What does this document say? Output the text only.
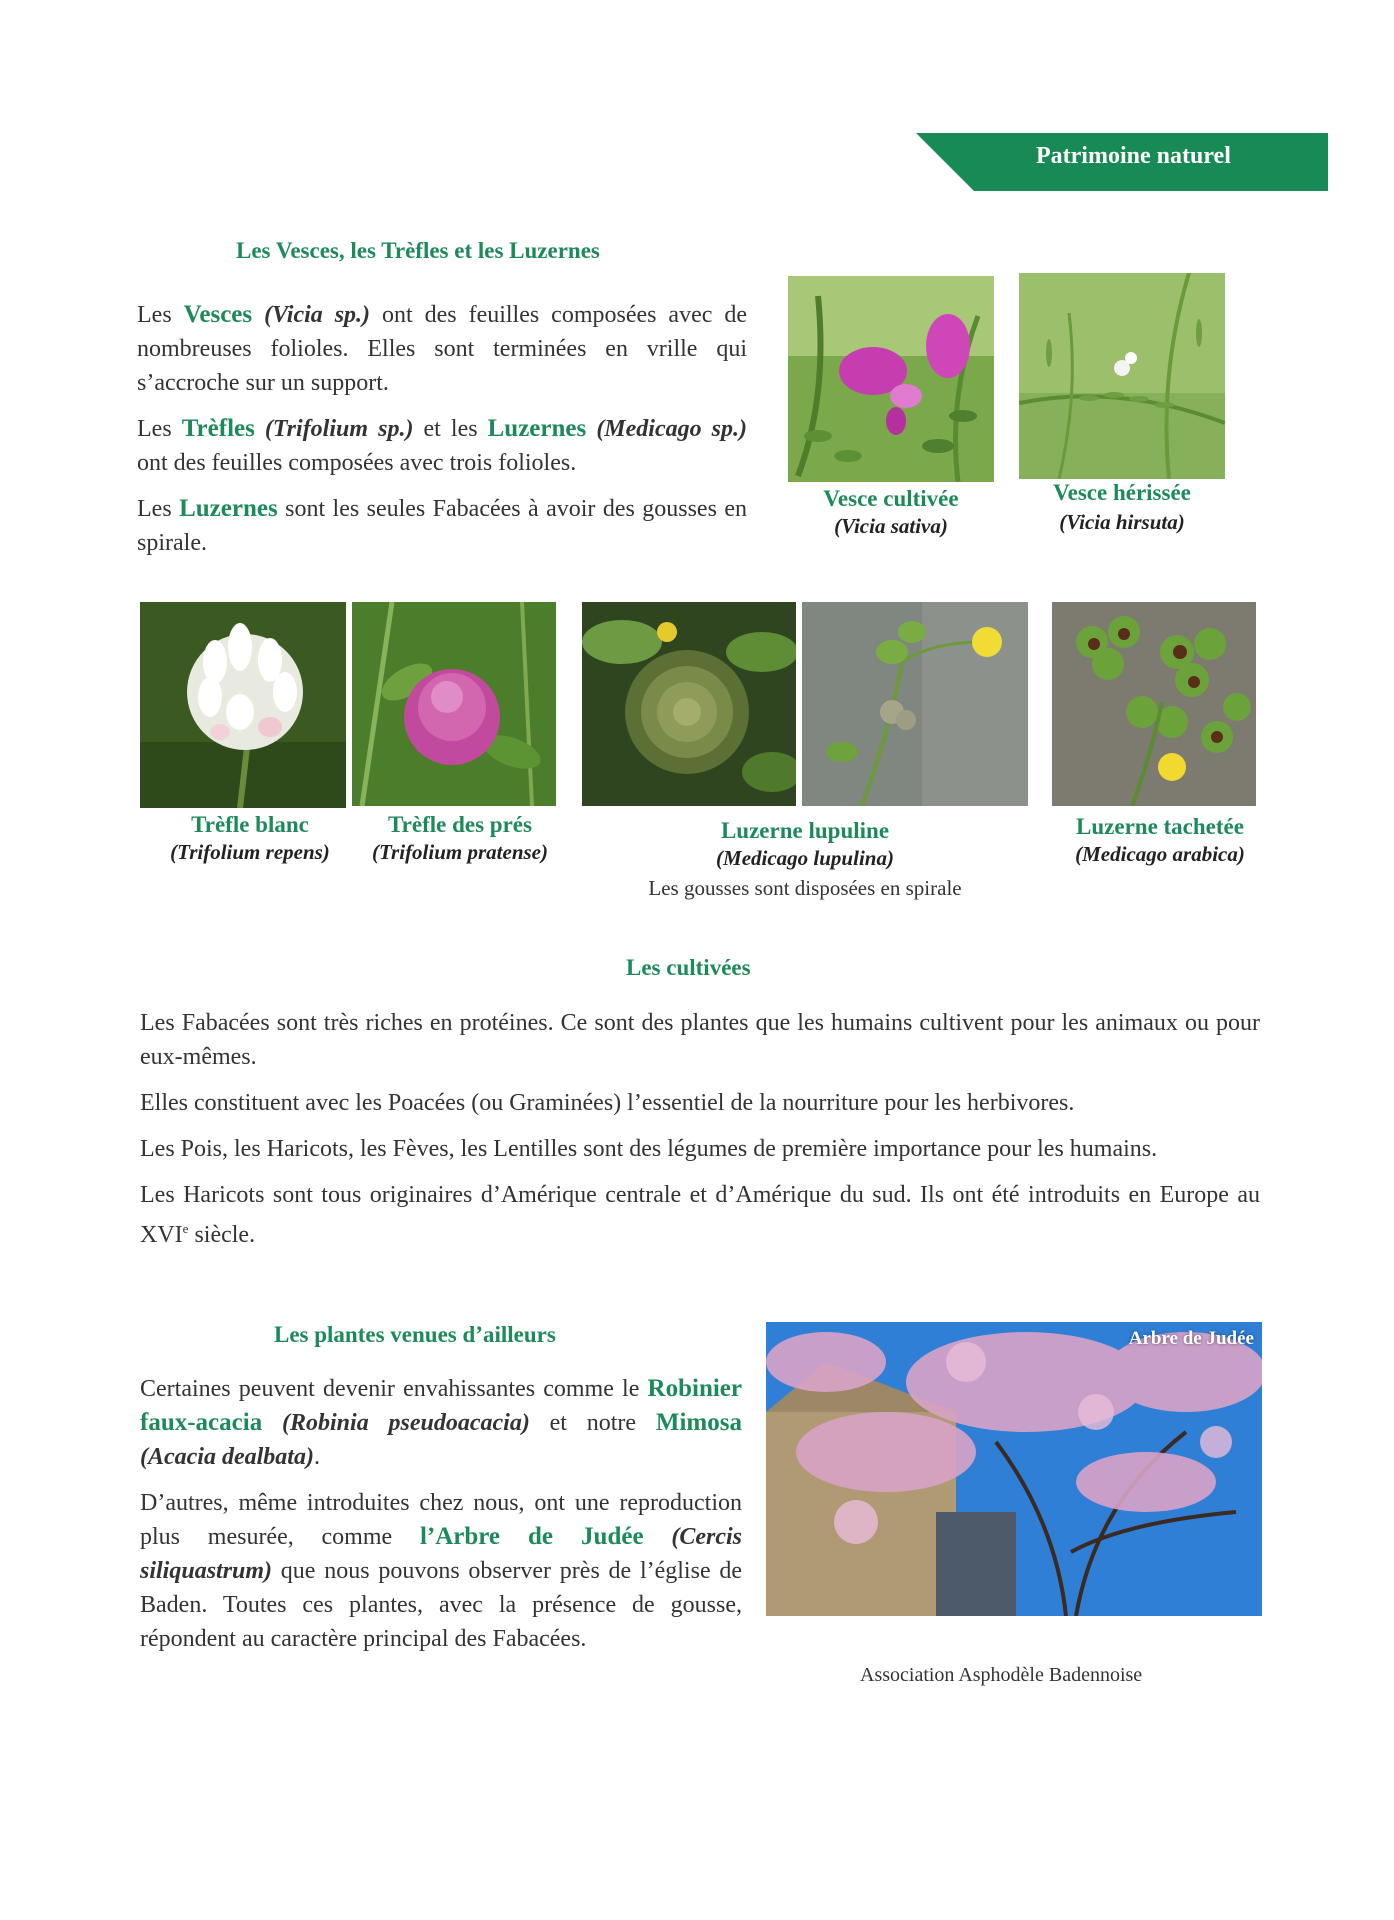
Patrimoine naturel
Les Vesces, les Trèfles et les Luzernes

Les Vesces (Vicia sp.) ont des feuilles composées avec de nombreuses folioles. Elles sont terminées en vrille qui s’accroche sur un support.

Les Trèfles (Trifolium sp.) et les Luzernes (Medicago sp.) ont des feuilles composées avec trois folioles.

Les Luzernes sont les seules Fabacées à avoir des gousses en spirale.

Vesce cultivée
(Vicia sativa)
Vesce hérissée
(Vicia hirsuta)
Trèfle blanc
(Trifolium repens)
Trèfle des prés
(Trifolium pratense)
Luzerne lupuline
(Medicago lupulina)
Les gousses sont disposées en spirale
Luzerne tachetée
(Medicago arabica)
Les cultivées

Les Fabacées sont très riches en protéines. Ce sont des plantes que les humains cultivent pour les animaux ou pour eux-mêmes.

Elles constituent avec les Poacées (ou Graminées) l’essentiel de la nourriture pour les herbivores.

Les Pois, les Haricots, les Fèves, les Lentilles sont des légumes de première importance pour les humains.

Les Haricots sont tous originaires d’Amérique centrale et d’Amérique du sud. Ils ont été introduits en Europe au XVIe siècle.

Les plantes venues d’ailleurs

Certaines peuvent devenir envahissantes comme le Robinier faux-acacia (Robinia pseudoacacia) et notre Mimosa (Acacia dealbata).

D’autres, même introduites chez nous, ont une reproduction plus mesurée, comme l’Arbre de Judée (Cercis siliquastrum) que nous pouvons observer près de l’église de Baden. Toutes ces plantes, avec la présence de gousse, répondent au caractère principal des Fabacées.

Arbre de Judée
Association Asphodèle Badennoise
